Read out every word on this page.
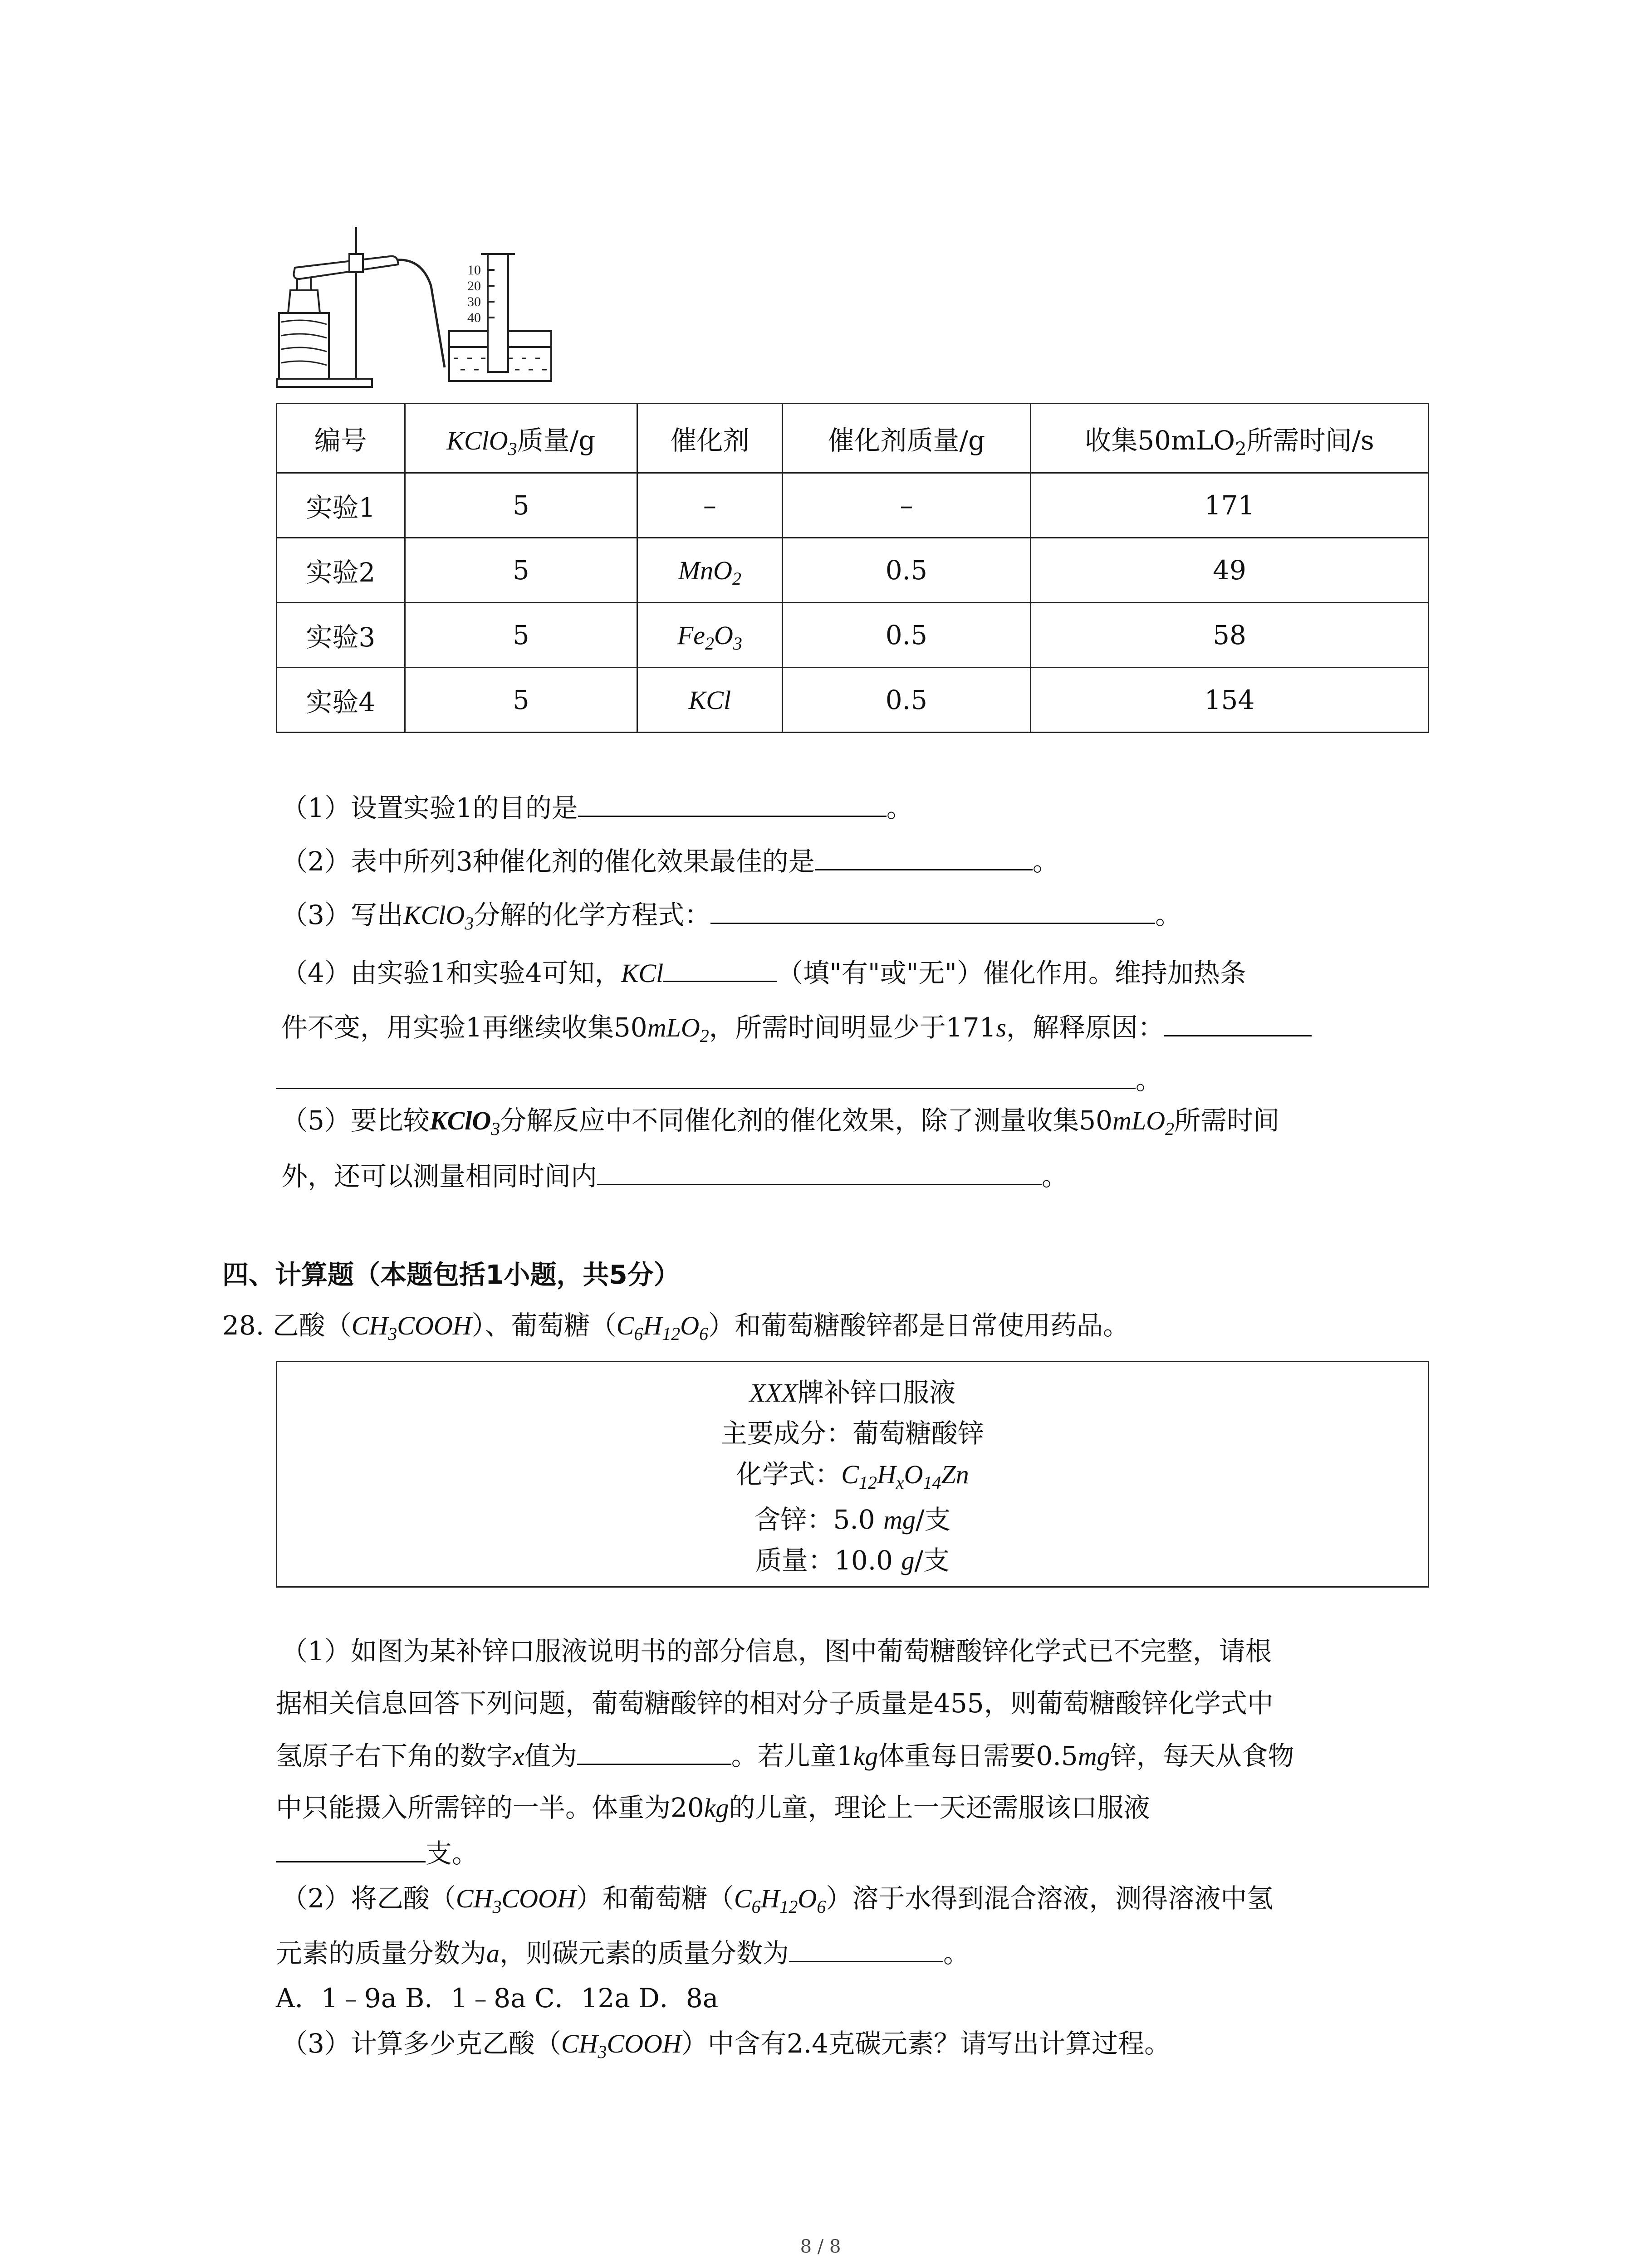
10
20
30
40
编号	KClO$_3$质量/g	催化剂	催化剂质量/g	收集50mLO$_2$所需时间/s
实验1	5	–	–	171
实验2	5	MnO$_2$	0.5	49
实验3	5	$Fe_2O_3$	0.5	58
实验4	5	KCl	0.5	154
（1）设置实验1的目的是	。
（2）表中所列3种催化剂的催化效果最佳的是	。
（3）写出KClO$_3$分解的化学方程式：	。
（4）由实验1和实验4可知，KCl	（填"有"或"无"）催化作用。维持加热条
件不变，用实验1再继续收集50mLO$_2$，所需时间明显少于171s，解释原因：
。
（5）要比较KClO$_3$分解反应中不同催化剂的催化效果，除了测量收集50mLO$_2$所需时间
外，还可以测量相同时间内	。
四、计算题（本题包括1小题，共5分）
28. 乙酸$(CH_3COOH)$、葡萄糖$(C_6H_{12}O_6)$和葡萄糖酸锌都是日常使用药品。
XXX牌补锌口服液
主要成分：葡萄糖酸锌
化学式：$C_{12}H_xO_{14}Zn$
含锌：5.0 mg/支
质量：10.0 g/支
（1）如图为某补锌口服液说明书的部分信息，图中葡萄糖酸锌化学式已不完整，请根
据相关信息回答下列问题，葡萄糖酸锌的相对分子质量是455，则葡萄糖酸锌化学式中
氢原子右下角的数字x值为	。若儿童1kg体重每日需要0.5mg锌，每天从食物
中只能摄入所需锌的一半。体重为20kg的儿童，理论上一天还需服该口服液
支。
（2）将乙酸$(CH_3COOH)$和葡萄糖$(C_6H_{12}O_6)$溶于水得到混合溶液，测得溶液中氢
元素的质量分数为a，则碳元素的质量分数为	。
A．1﹣9a B．1﹣8a C．12a D．8a
（3）计算多少克乙酸$(CH_3COOH)$中含有2.4克碳元素？请写出计算过程。
8 / 8
